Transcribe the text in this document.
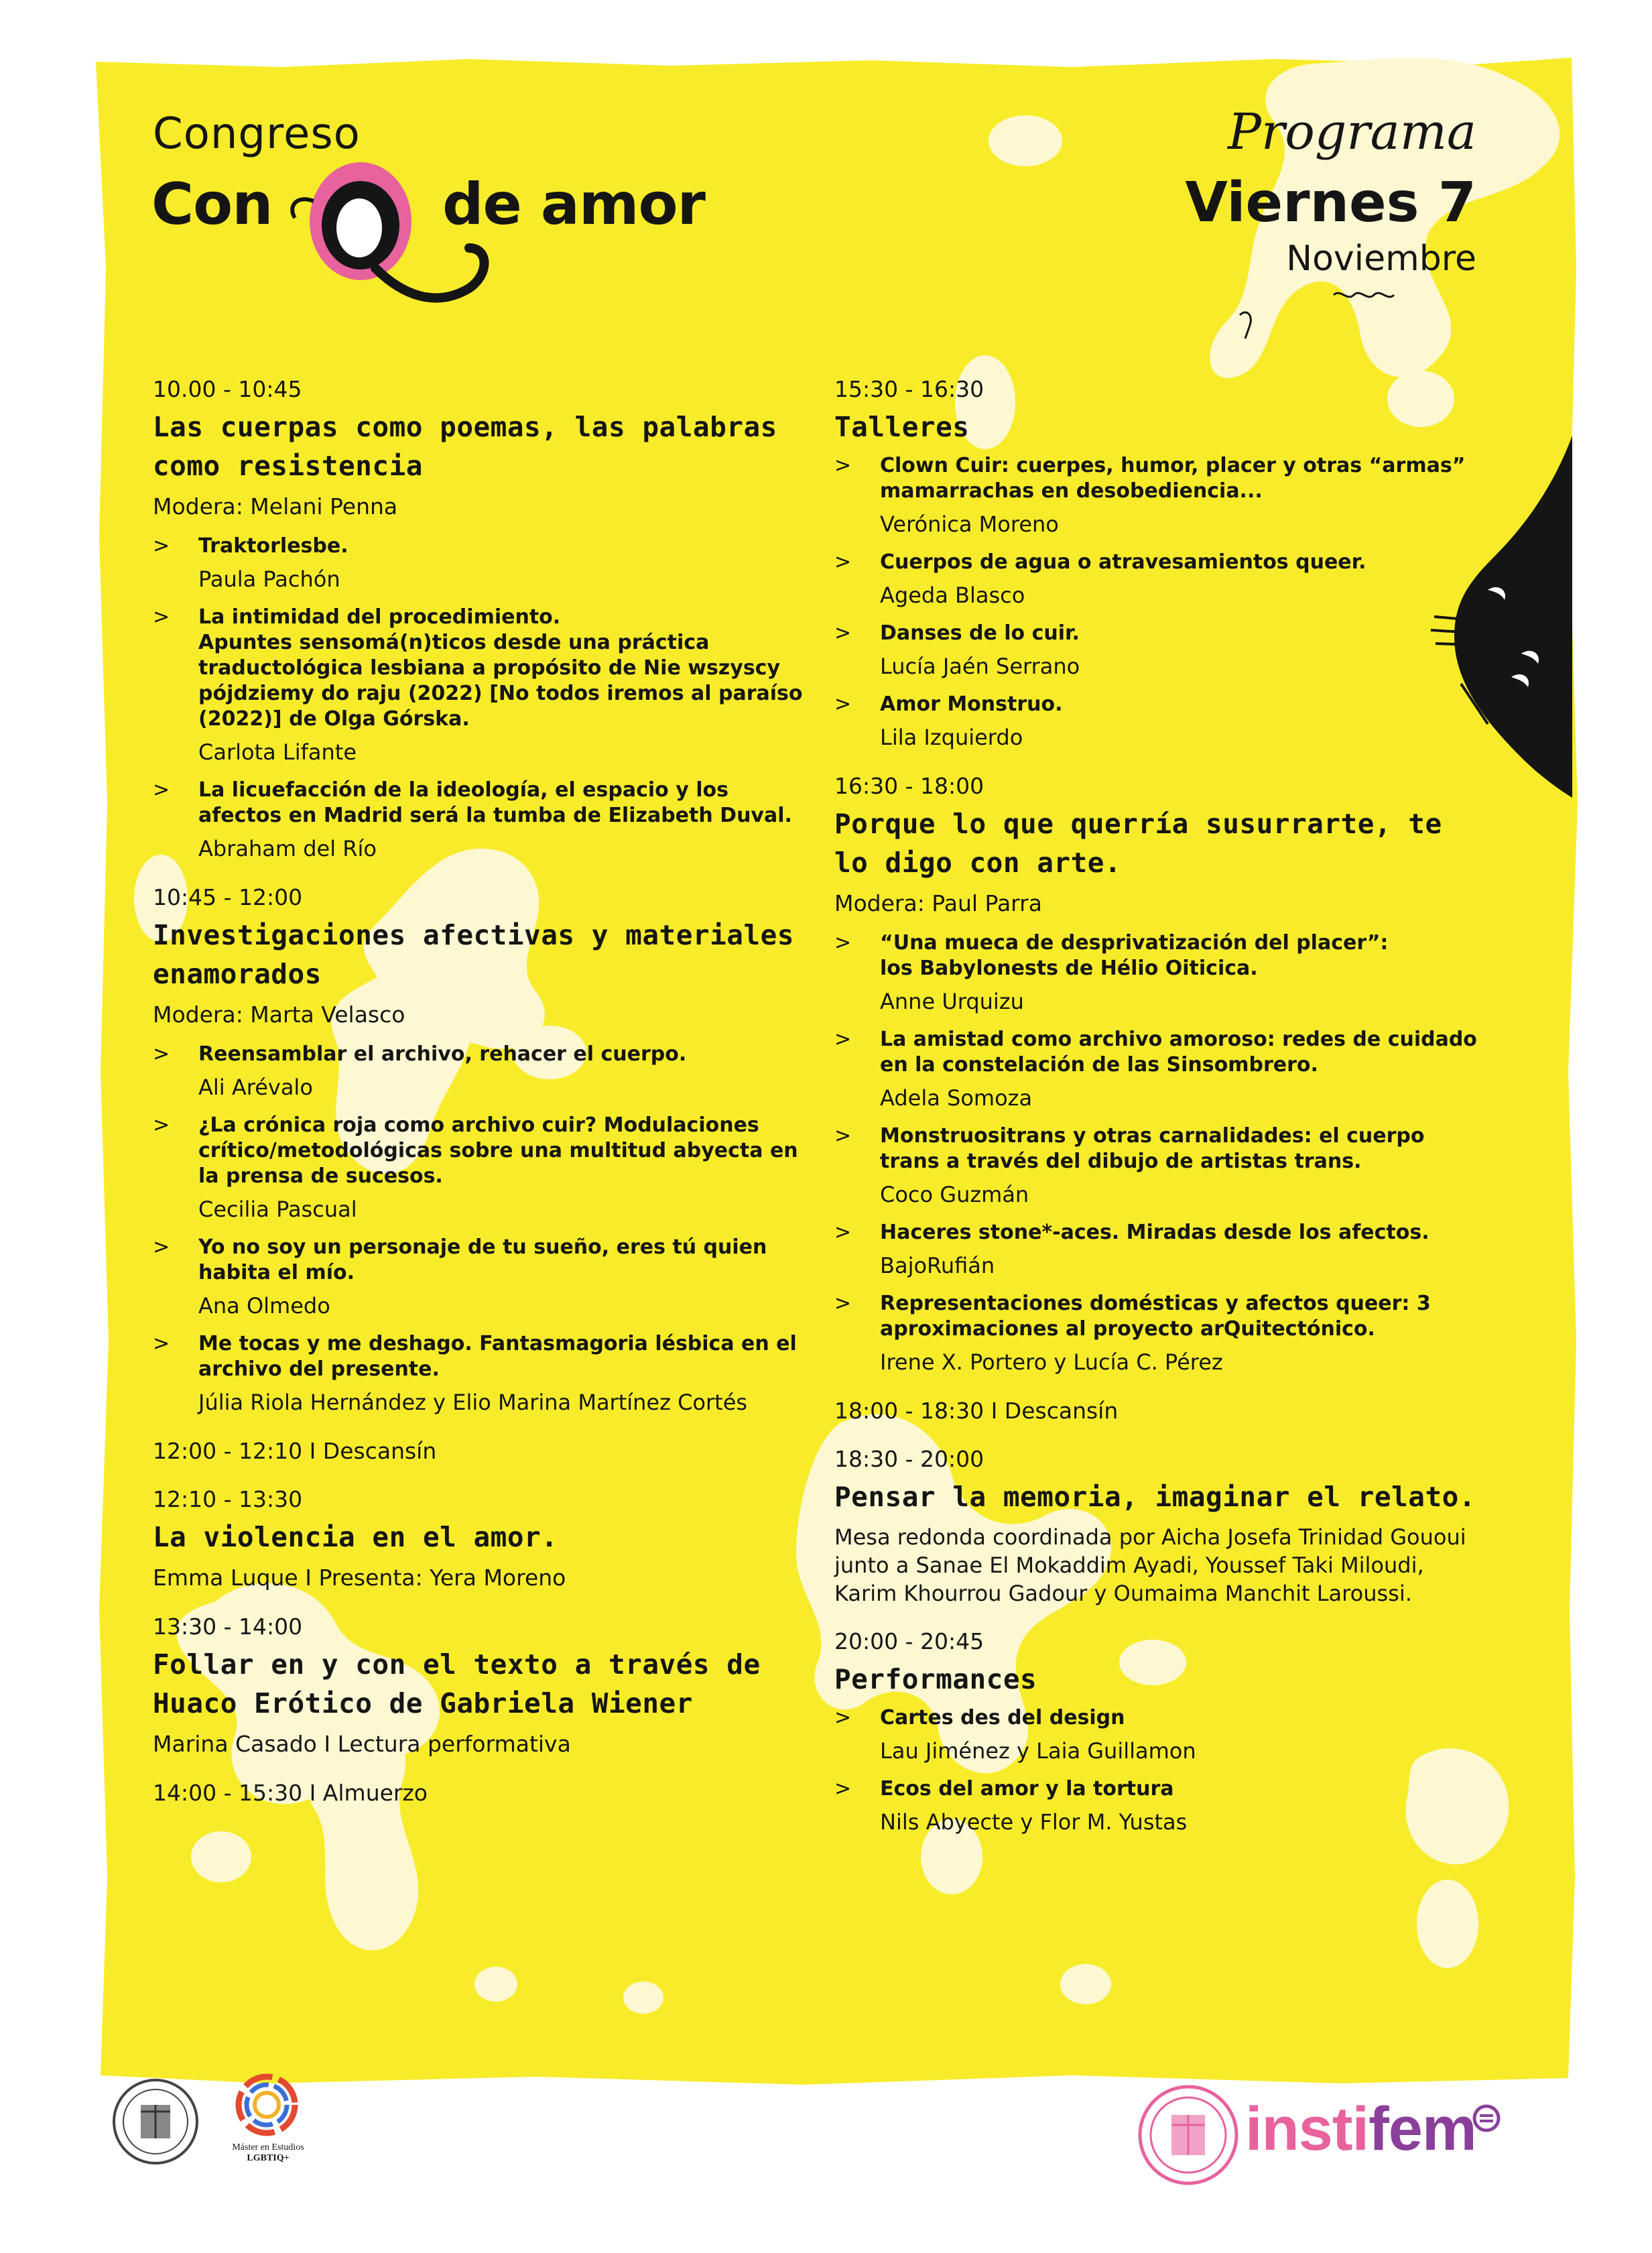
Congreso
Con	de amor
Programa
Viernes 7
Noviembre
10.00 - 10:45
Las cuerpas como poemas, las palabras como resistencia
Modera: Melani Penna
> Traktorlesbe.
Paula Pachón
> La intimidad del procedimiento.
Apuntes sensomá(n)ticos desde una práctica traductológica lesbiana a propósito de Nie wszyscy pójdziemy do raju (2022) [No todos iremos al paraíso (2022)] de Olga Górska.
Carlota Lifante
> La licuefacción de la ideología, el espacio y los afectos en Madrid será la tumba de Elizabeth Duval.
Abraham del Río
10:45 - 12:00
Investigaciones afectivas y materiales enamorados
Modera: Marta Velasco
> Reensamblar el archivo, rehacer el cuerpo.
Ali Arévalo
> ¿La crónica roja como archivo cuir? Modulaciones crítico/metodológicas sobre una multitud abyecta en la prensa de sucesos.
Cecilia Pascual
> Yo no soy un personaje de tu sueño, eres tú quien habita el mío.
Ana Olmedo
> Me tocas y me deshago. Fantasmagoria lésbica en el archivo del presente.
Júlia Riola Hernández y Elio Marina Martínez Cortés
12:00 - 12:10 I Descansín
12:10 - 13:30
La violencia en el amor.
Emma Luque I Presenta: Yera Moreno
13:30 - 14:00
Follar en y con el texto a través de Huaco Erótico de Gabriela Wiener
Marina Casado I Lectura performativa
14:00 - 15:30 I Almuerzo
15:30 - 16:30
Talleres
> Clown Cuir: cuerpes, humor, placer y otras “armas” mamarrachas en desobediencia...
Verónica Moreno
> Cuerpos de agua o atravesamientos queer.
Ageda Blasco
> Danses de lo cuir.
Lucía Jaén Serrano
> Amor Monstruo.
Lila Izquierdo
16:30 - 18:00
Porque lo que querría susurrarte, te lo digo con arte.
Modera: Paul Parra
> “Una mueca de desprivatización del placer”:
los Babylonests de Hélio Oiticica.
Anne Urquizu
> La amistad como archivo amoroso: redes de cuidado en la constelación de las Sinsombrero.
Adela Somoza
> Monstruositrans y otras carnalidades: el cuerpo trans a través del dibujo de artistas trans.
Coco Guzmán
> Haceres stone*-aces. Miradas desde los afectos.
BajoRufián
> Representaciones domésticas y afectos queer: 3 aproximaciones al proyecto arQuitectónico.
Irene X. Portero y Lucía C. Pérez
18:00 - 18:30 I Descansín
18:30 - 20:00
Pensar la memoria, imaginar el relato.
Mesa redonda coordinada por Aicha Josefa Trinidad Gououi junto a Sanae El Mokaddim Ayadi, Youssef Taki Miloudi, Karim Khourrou Gadour y Oumaima Manchit Laroussi.
20:00 - 20:45
Performances
> Cartes des del design
Lau Jiménez y Laia Guillamon
> Ecos del amor y la tortura
Nils Abyecte y Flor M. Yustas
Máster en Estudios
LGBTIQ+	instifem
